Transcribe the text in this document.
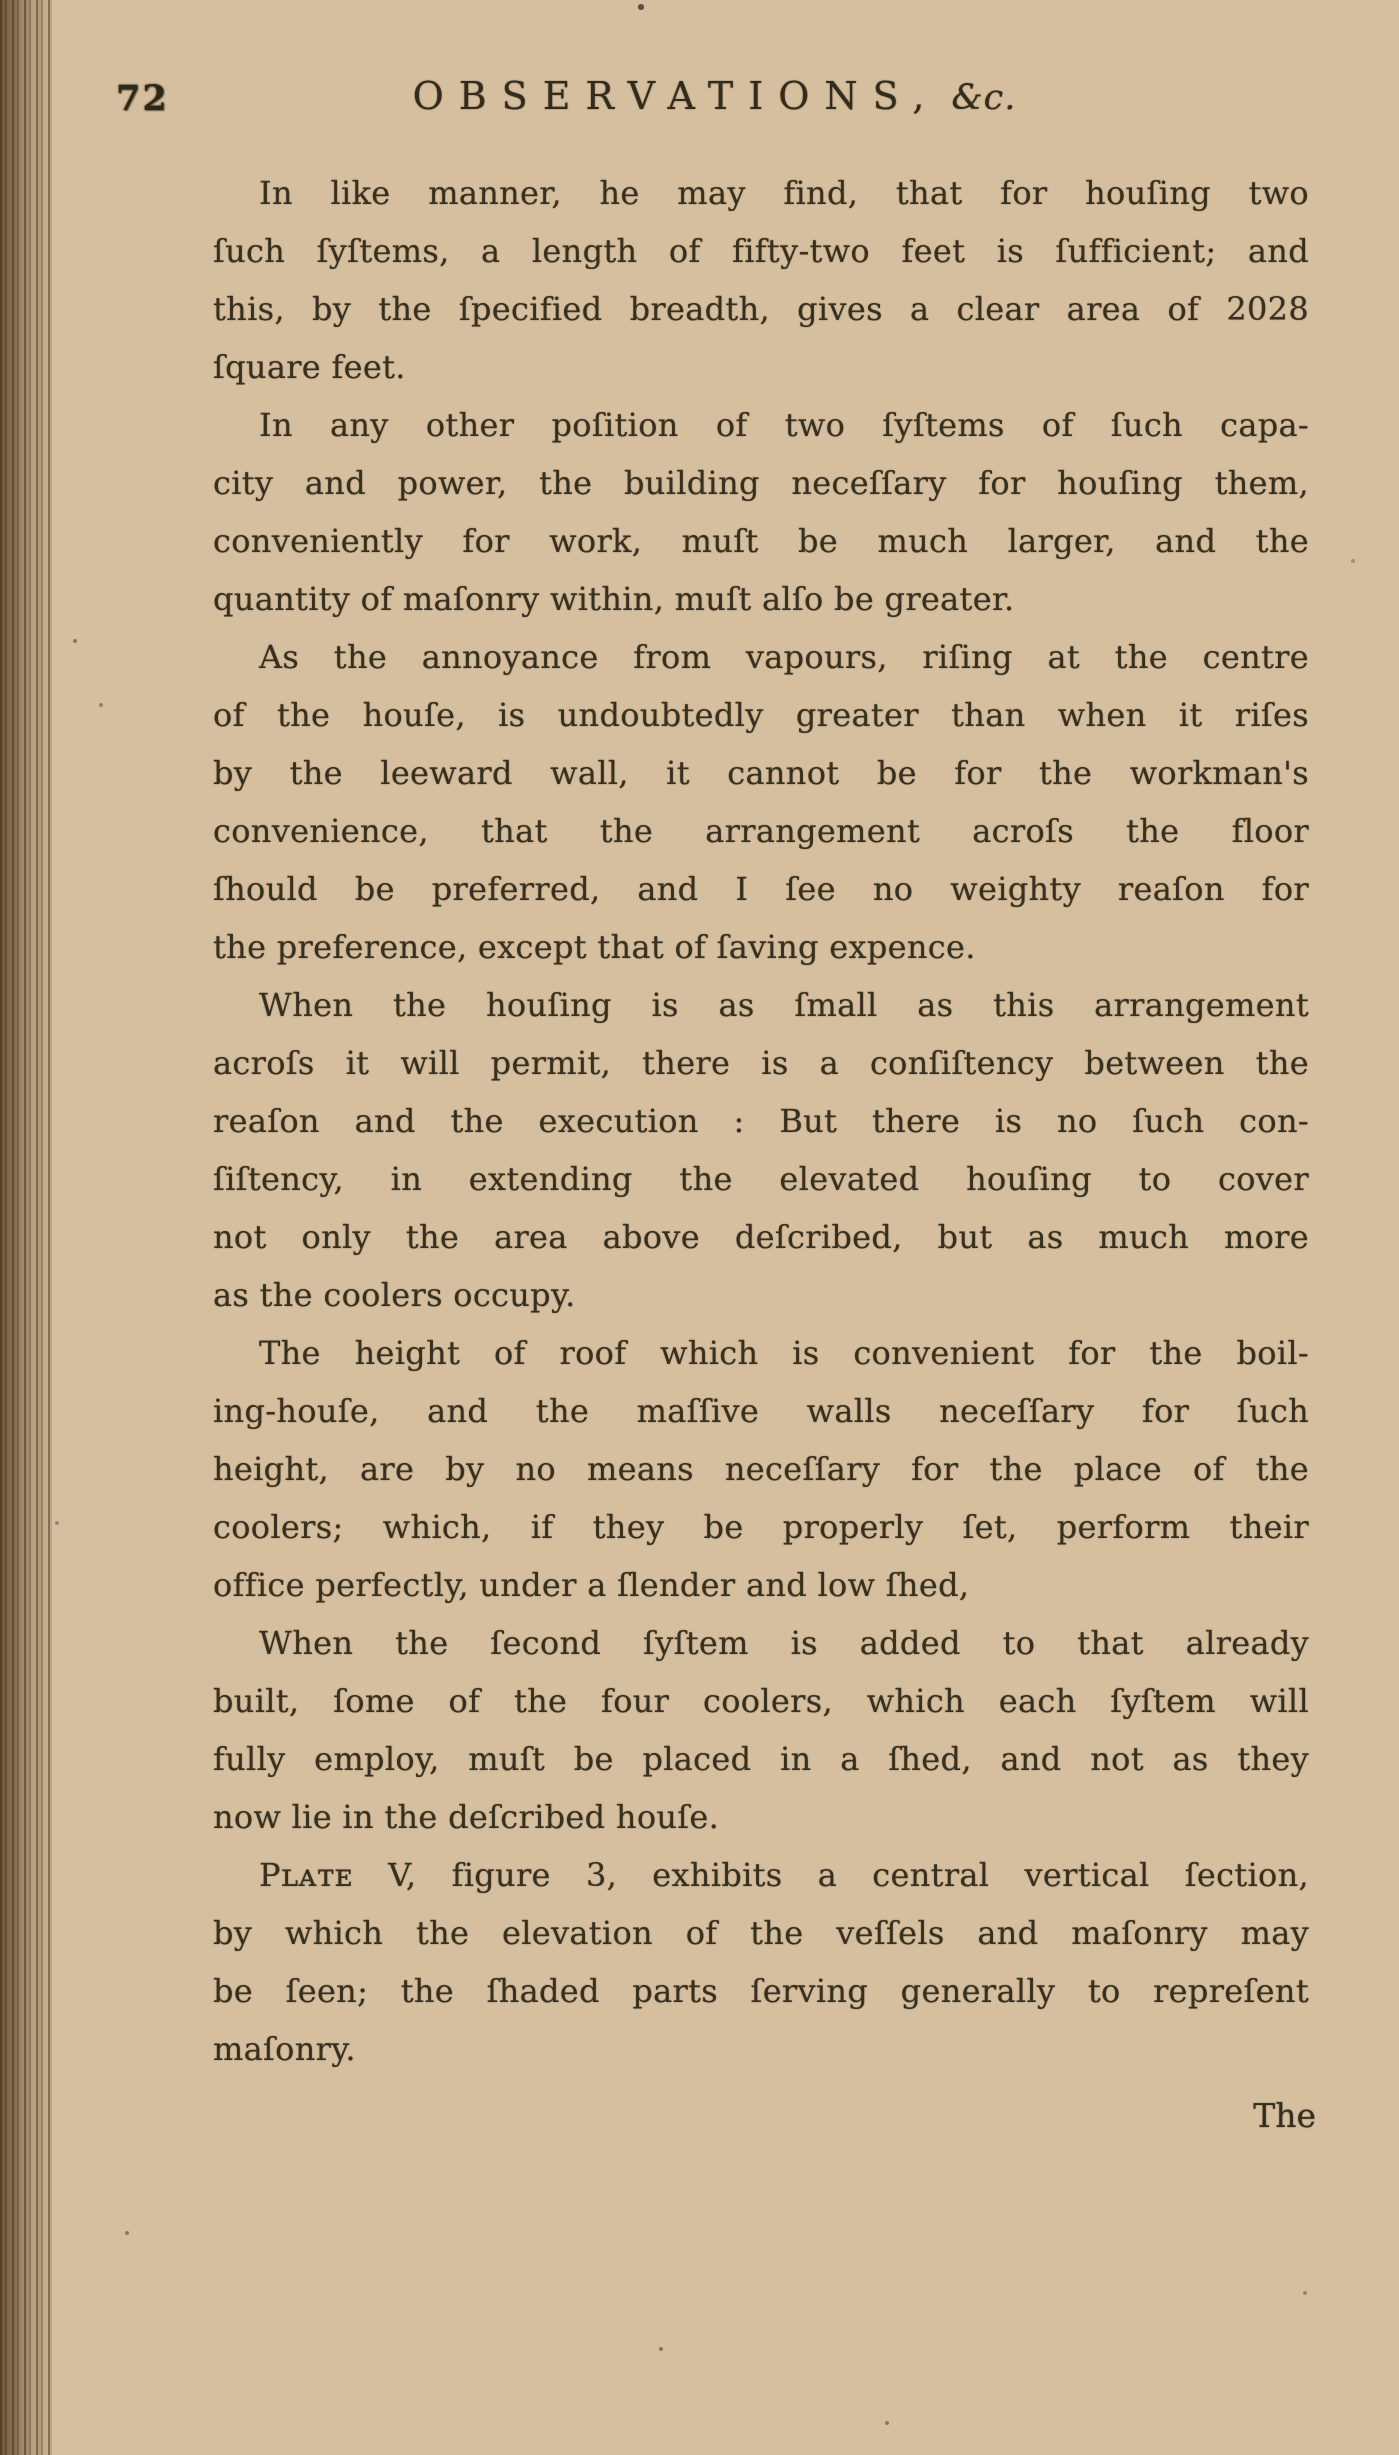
72	OBSERVATIONS, &c.
In like manner, he may find, that for houſing two
ſuch ſyſtems, a length of fifty-two feet is ſufficient; and
this, by the ſpecified breadth, gives a clear area of 2028
ſquare feet.
In any other poſition of two ſyſtems of ſuch capa-
city and power, the building neceſſary for houſing them,
conveniently for work, muſt be much larger, and the
quantity of maſonry within, muſt alſo be greater.
As the annoyance from vapours, riſing at the centre
of the houſe, is undoubtedly greater than when it riſes
by the leeward wall, it cannot be for the workman's
convenience, that the arrangement acroſs the floor
ſhould be preferred, and I ſee no weighty reaſon for
the preference, except that of ſaving expence.
When the houſing is as ſmall as this arrangement
acroſs it will permit, there is a conſiſtency between the
reaſon and the execution : But there is no ſuch con-
ſiſtency, in extending the elevated houſing to cover
not only the area above deſcribed, but as much more
as the coolers occupy.
The height of roof which is convenient for the boil-
ing-houſe, and the maſſive walls neceſſary for ſuch
height, are by no means neceſſary for the place of the
coolers; which, if they be properly ſet, perform their
office perfectly, under a ſlender and low ſhed,
When the ſecond ſyſtem is added to that already
built, ſome of the four coolers, which each ſyſtem will
fully employ, muſt be placed in a ſhed, and not as they
now lie in the deſcribed houſe.
Pʟᴀᴛᴇ V, figure 3, exhibits a central vertical ſection,
by which the elevation of the veſſels and maſonry may
be ſeen; the ſhaded parts ſerving generally to repreſent
maſonry.
The
